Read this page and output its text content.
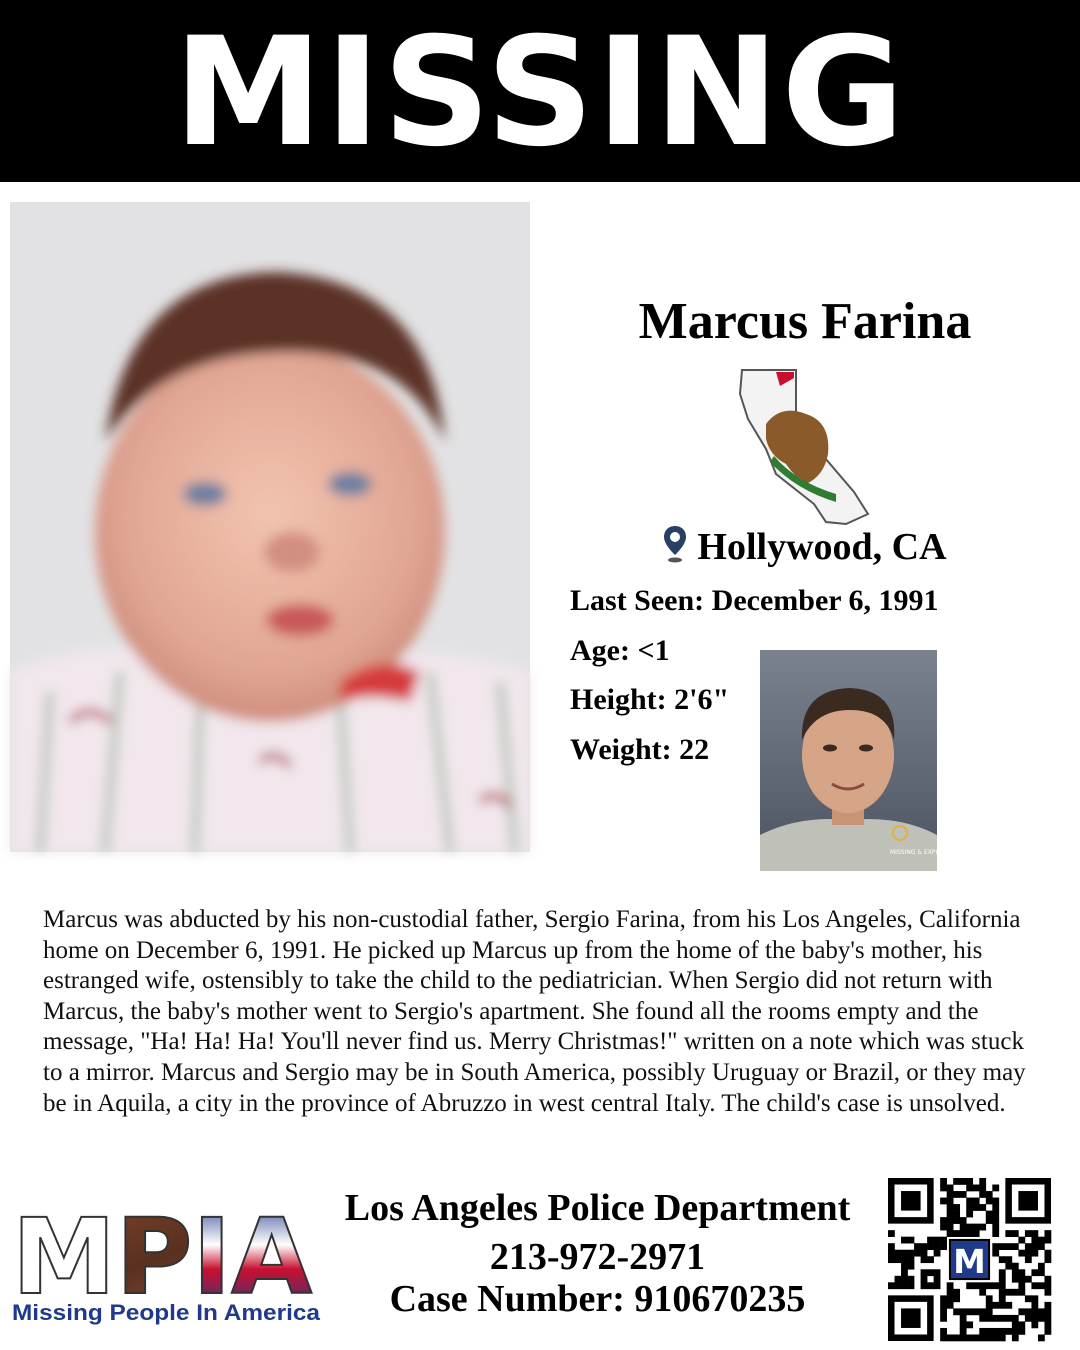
MISSING
Marcus Farina
Hollywood, CA
Last Seen: December 6, 1991
Age: <1
Height: 2'6"
Weight: 22
MISSING & EXPLOITED
Marcus was abducted by his non-custodial father, Sergio Farina, from his Los Angeles, California home on December 6, 1991. He picked up Marcus up from the home of the baby's mother, his estranged wife, ostensibly to take the child to the pediatrician. When Sergio did not return with Marcus, the baby's mother went to Sergio's apartment. She found all the rooms empty and the message, "Ha! Ha! Ha! You'll never find us. Merry Christmas!" written on a note which was stuck to a mirror. Marcus and Sergio may be in South America, possibly Uruguay or Brazil, or they may be in Aquila, a city in the province of Abruzzo in west central Italy. The child's case is unsolved.
MPIA
Missing People In America
Los Angeles Police Department
213-972-2971
Case Number: 910670235
M
